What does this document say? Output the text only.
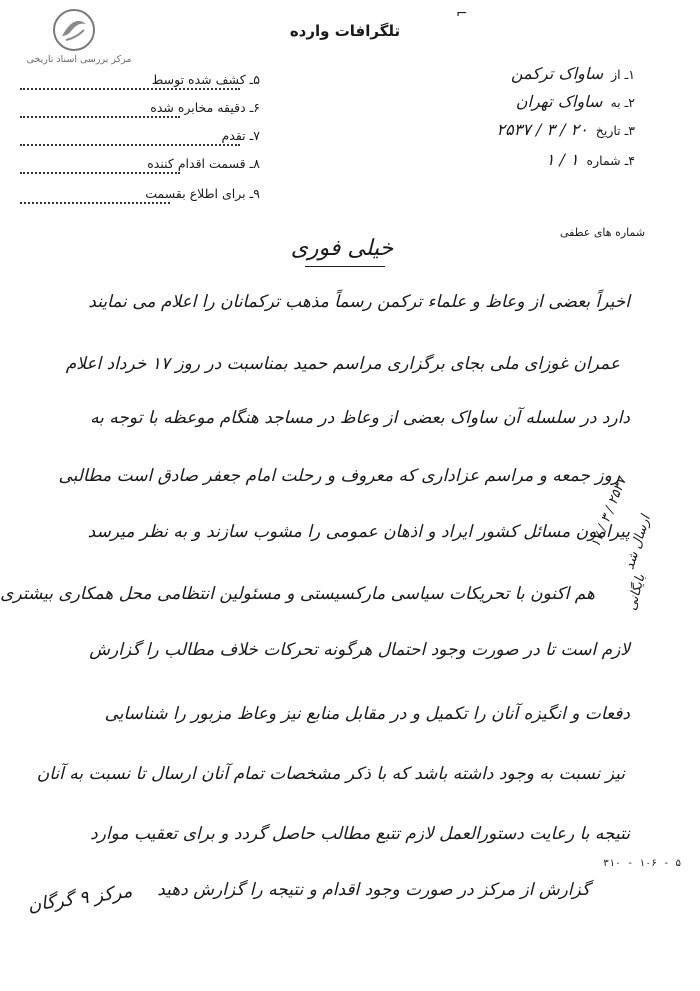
مرکز بررسی اسناد تاریخی
⌐
تلگرافات وارده
۱ـ از ساواک ترکمن
۲ـ به ساواک تهران
۳ـ تاریخ ۲۰ / ۳ / ۲۵۳۷
۴ـ شماره ۱ / ۱
۵ـ کشف شده توسط
۶ـ دقیقه مخابره شده
۷ـ تقدم
۸ـ قسمت اقدام کننده
۹ـ برای اطلاع بقسمت
شماره های عطفی
خیلی فوری
اخیراً بعضی از وعاظ و علماء ترکمن رسماً مذهب ترکمانان را اعلام می نمایند
عمران غوزای ملی بجای برگزاری مراسم حمید بمناسبت در روز ۱۷ خرداد اعلام
دارد در سلسله آن ساواک بعضی از وعاظ در مساجد هنگام موعظه با توجه به
روز جمعه و مراسم عزاداری که معروف و رحلت امام جعفر صادق است مطالبی
پیرامون مسائل کشور ایراد و اذهان عمومی را مشوب سازند و به نظر میرسد
هم اکنون با تحریکات سیاسی مارکسیستی و مسئولین انتظامی محل همکاری بیشتری
لازم است تا در صورت وجود احتمال هرگونه تحرکات خلاف مطالب را گزارش
دفعات و انگیزه آنان را تکمیل و در مقابل منابع نیز وعاظ مزبور را شناسایی
نیز نسبت به وجود داشته باشد که با ذکر مشخصات تمام آنان ارسال تا نسبت به آنان
نتیجه با رعایت دستورالعمل لازم تتبع مطالب حاصل گردد و برای تعقیب موارد
گزارش از مرکز در صورت وجود اقدام و نتیجه را گزارش دهید
۱۷ / ۳ / ۲۵۳۷
ارسال شد
بایگانی
۳۱۰ - ۱۰۶ - ۵
مرکز ۹ گرگان
